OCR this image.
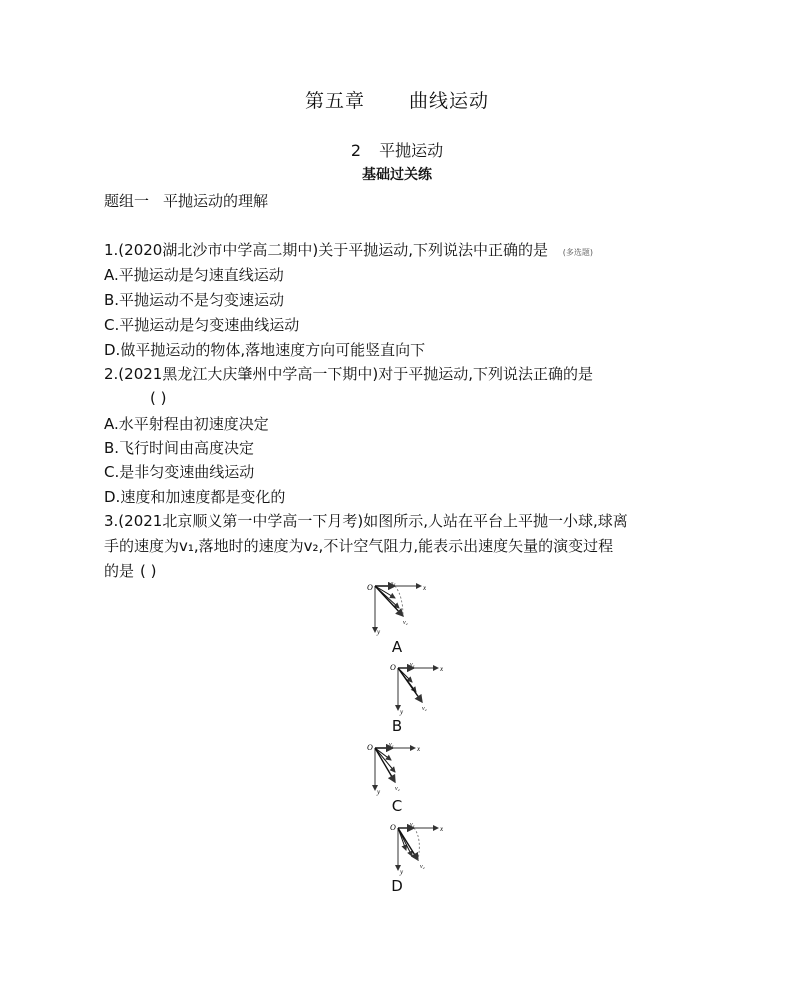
第五章 曲线运动
2 平抛运动
基础过关练
题组一 平抛运动的理解
1.(2020湖北沙市中学高二期中)关于平抛运动,下列说法中正确的是 (多选题)
A.平抛运动是匀速直线运动
B.平抛运动不是匀变速运动
C.平抛运动是匀变速曲线运动
D.做平抛运动的物体,落地速度方向可能竖直向下
2.(2021黑龙江大庆肇州中学高一下期中)对于平抛运动,下列说法正确的是
( )
A.水平射程由初速度决定
B.飞行时间由高度决定
C.是非匀变速曲线运动
D.速度和加速度都是变化的
3.(2021北京顺义第一中学高一下月考)如图所示,人站在平台上平抛一小球,球离
手的速度为v₁,落地时的速度为v₂,不计空气阻力,能表示出速度矢量的演变过程
的是 ( )
O	x
y
v₁
v₂
A
O	x
y
v₁
v₂
B
O	x
y
v₁
v₂
C
O	x
y
v₁
v₂
D
